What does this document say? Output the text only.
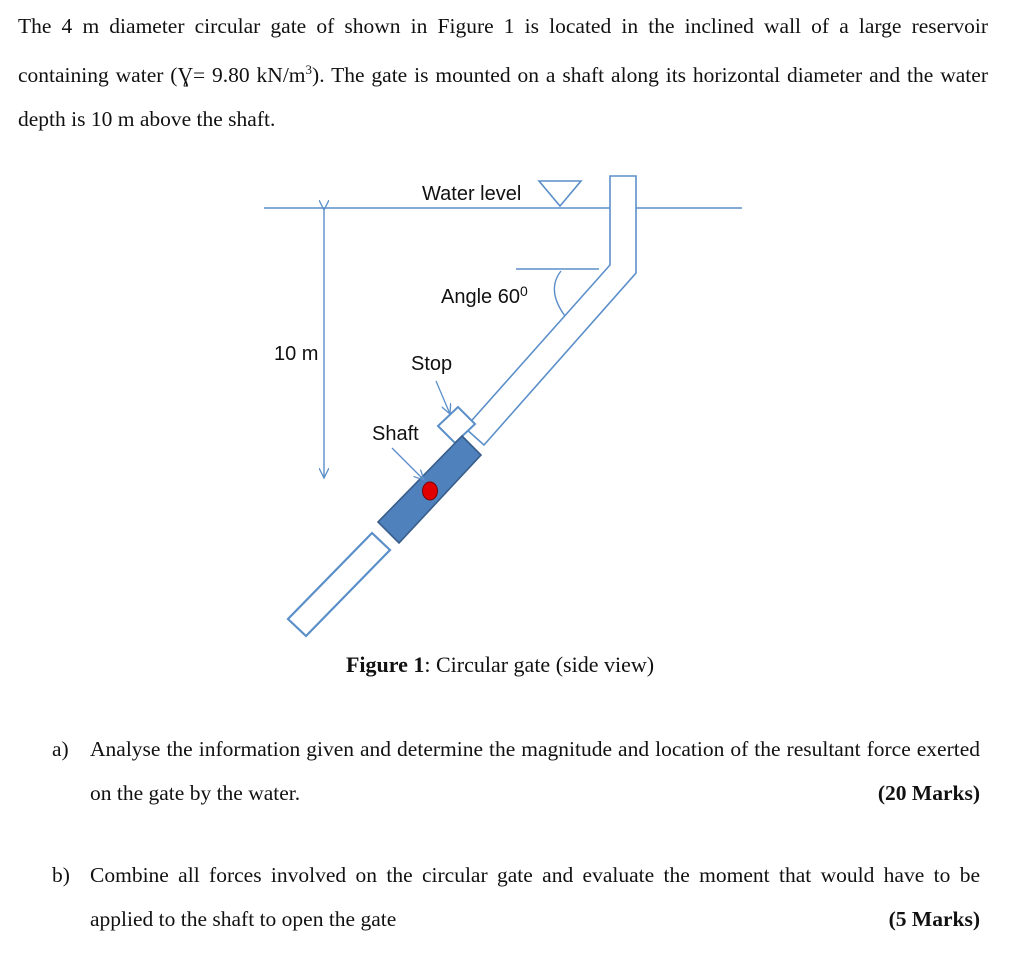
The 4 m diameter circular gate of shown in Figure 1 is located in the inclined wall of a large reservoir containing water (Ɣ= 9.80 $kN/m^3$). The gate is mounted on a shaft along its horizontal diameter and the water depth is 10 m above the shaft.

Water level
Angle $60^0$
10 m	Stop
Shaft

Figure 1: Circular gate (side view)

a) Analyse the information given and determine the magnitude and location of the resultant force exerted on the gate by the water.	(20 Marks)
b) Combine all forces involved on the circular gate and evaluate the moment that would have to be applied to the shaft to open the gate	(5 Marks)
